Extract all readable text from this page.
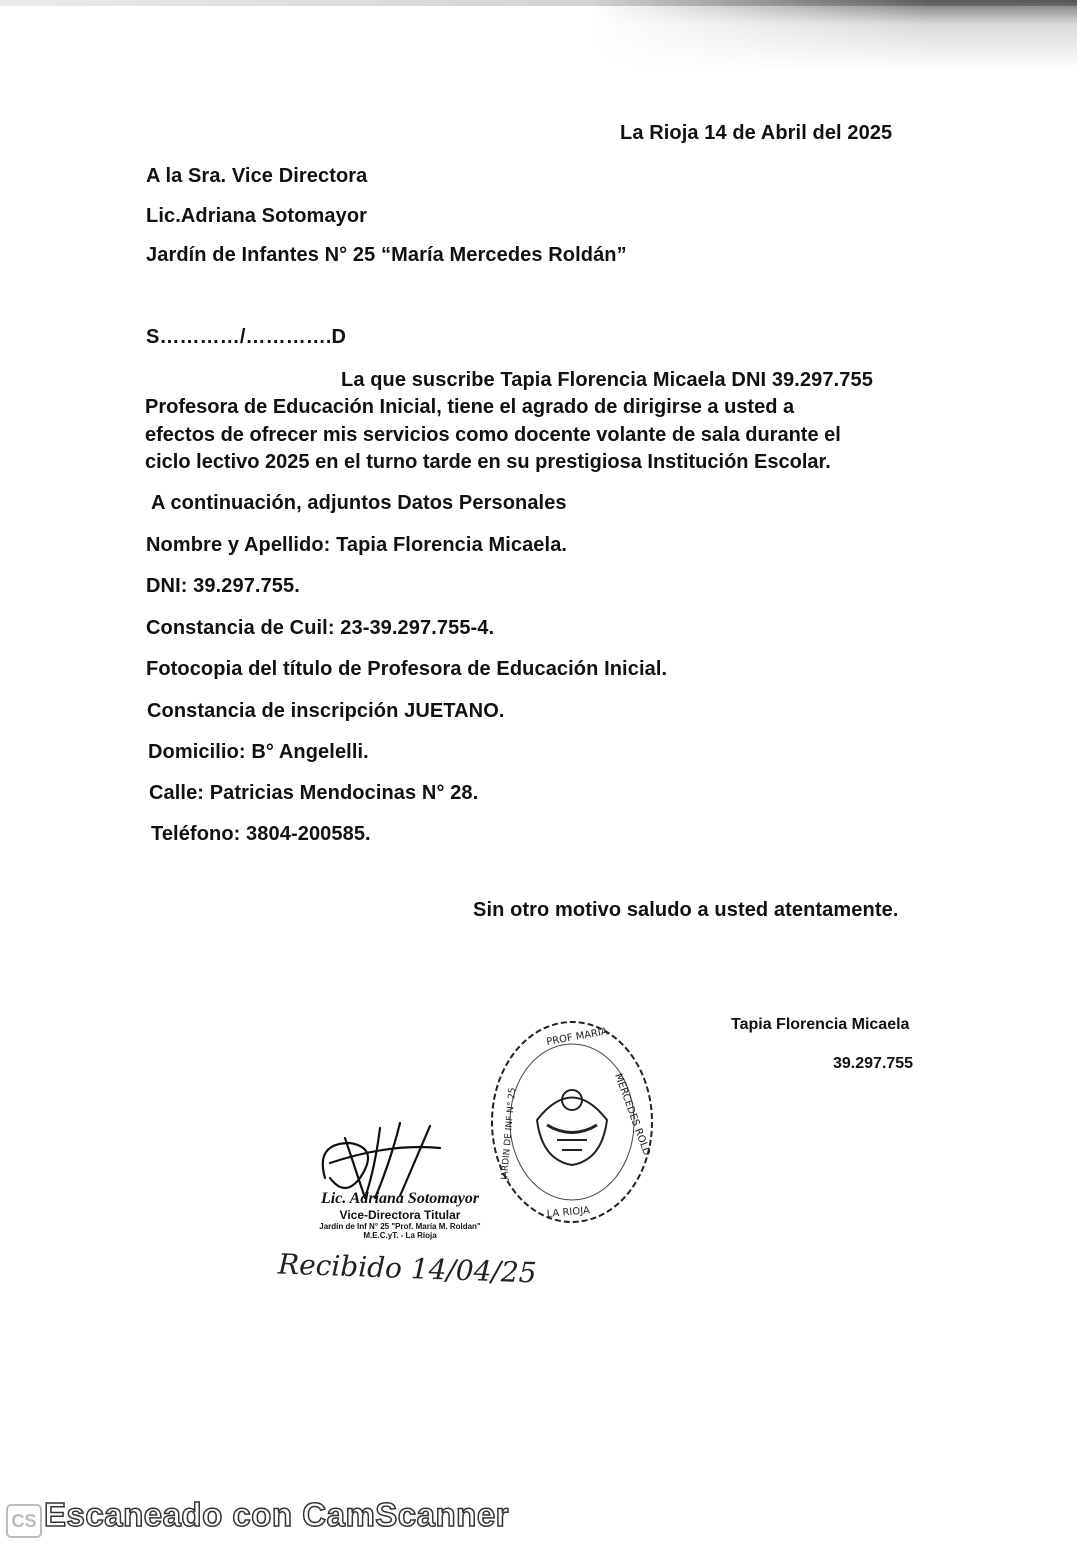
La Rioja 14 de Abril del 2025
A la Sra. Vice Directora
Lic.Adriana Sotomayor
Jardín de Infantes N° 25 “María Mercedes Roldán”
S…………/………….D
La que suscribe Tapia Florencia Micaela DNI 39.297.755
Profesora de Educación Inicial, tiene el agrado de dirigirse a usted a
efectos de ofrecer mis servicios como docente volante de sala durante el
ciclo lectivo 2025 en el turno tarde en su prestigiosa Institución Escolar.
A continuación, adjuntos Datos Personales
Nombre y Apellido: Tapia Florencia Micaela.
DNI: 39.297.755.
Constancia de Cuil: 23-39.297.755-4.
Fotocopia del título de Profesora de Educación Inicial.
Constancia de inscripción JUETANO.
Domicilio: B° Angelelli.
Calle: Patricias Mendocinas N° 28.
Teléfono: 3804-200585.
Sin otro motivo saludo a usted atentamente.
Tapia Florencia Micaela
39.297.755
PROF MARIA
MERCEDES ROLD
JARDIN DE INF N° 25
LA RIOJA
Lic. Adriana Sotomayor
Vice-Directora Titular
Jardín de Inf N° 25 "Prof. María M. Roldan"
M.E.C.yT. - La Rioja
Recibido 14/04/25
CS Escaneado con CamScanner
